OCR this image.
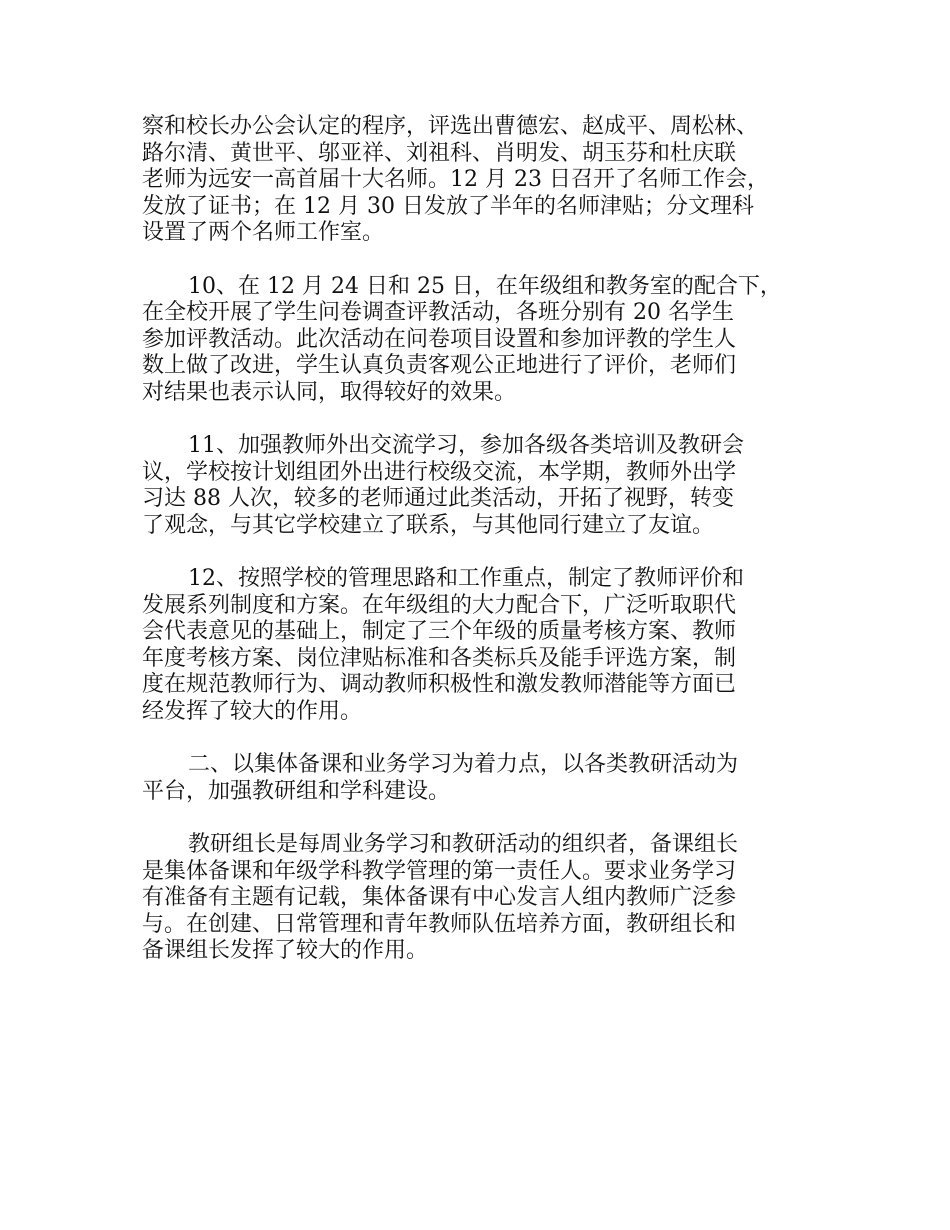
察和校长办公会认定的程序，评选出曹德宏、赵成平、周松林、
路尔清、黄世平、邬亚祥、刘祖科、肖明发、胡玉芬和杜庆联
老师为远安一高首届十大名师。12 月 23 日召开了名师工作会，
发放了证书；在 12 月 30 日发放了半年的名师津贴；分文理科
设置了两个名师工作室。
10、在 12 月 24 日和 25 日，在年级组和教务室的配合下，
在全校开展了学生问卷调查评教活动，各班分别有 20 名学生
参加评教活动。此次活动在问卷项目设置和参加评教的学生人
数上做了改进，学生认真负责客观公正地进行了评价，老师们
对结果也表示认同，取得较好的效果。
11、加强教师外出交流学习，参加各级各类培训及教研会
议，学校按计划组团外出进行校级交流，本学期，教师外出学
习达 88 人次，较多的老师通过此类活动，开拓了视野，转变
了观念，与其它学校建立了联系，与其他同行建立了友谊。
12、按照学校的管理思路和工作重点，制定了教师评价和
发展系列制度和方案。在年级组的大力配合下，广泛听取职代
会代表意见的基础上，制定了三个年级的质量考核方案、教师
年度考核方案、岗位津贴标准和各类标兵及能手评选方案，制
度在规范教师行为、调动教师积极性和激发教师潜能等方面已
经发挥了较大的作用。
二、以集体备课和业务学习为着力点，以各类教研活动为
平台，加强教研组和学科建设。
教研组长是每周业务学习和教研活动的组织者，备课组长
是集体备课和年级学科教学管理的第一责任人。要求业务学习
有准备有主题有记载，集体备课有中心发言人组内教师广泛参
与。在创建、日常管理和青年教师队伍培养方面，教研组长和
备课组长发挥了较大的作用。
